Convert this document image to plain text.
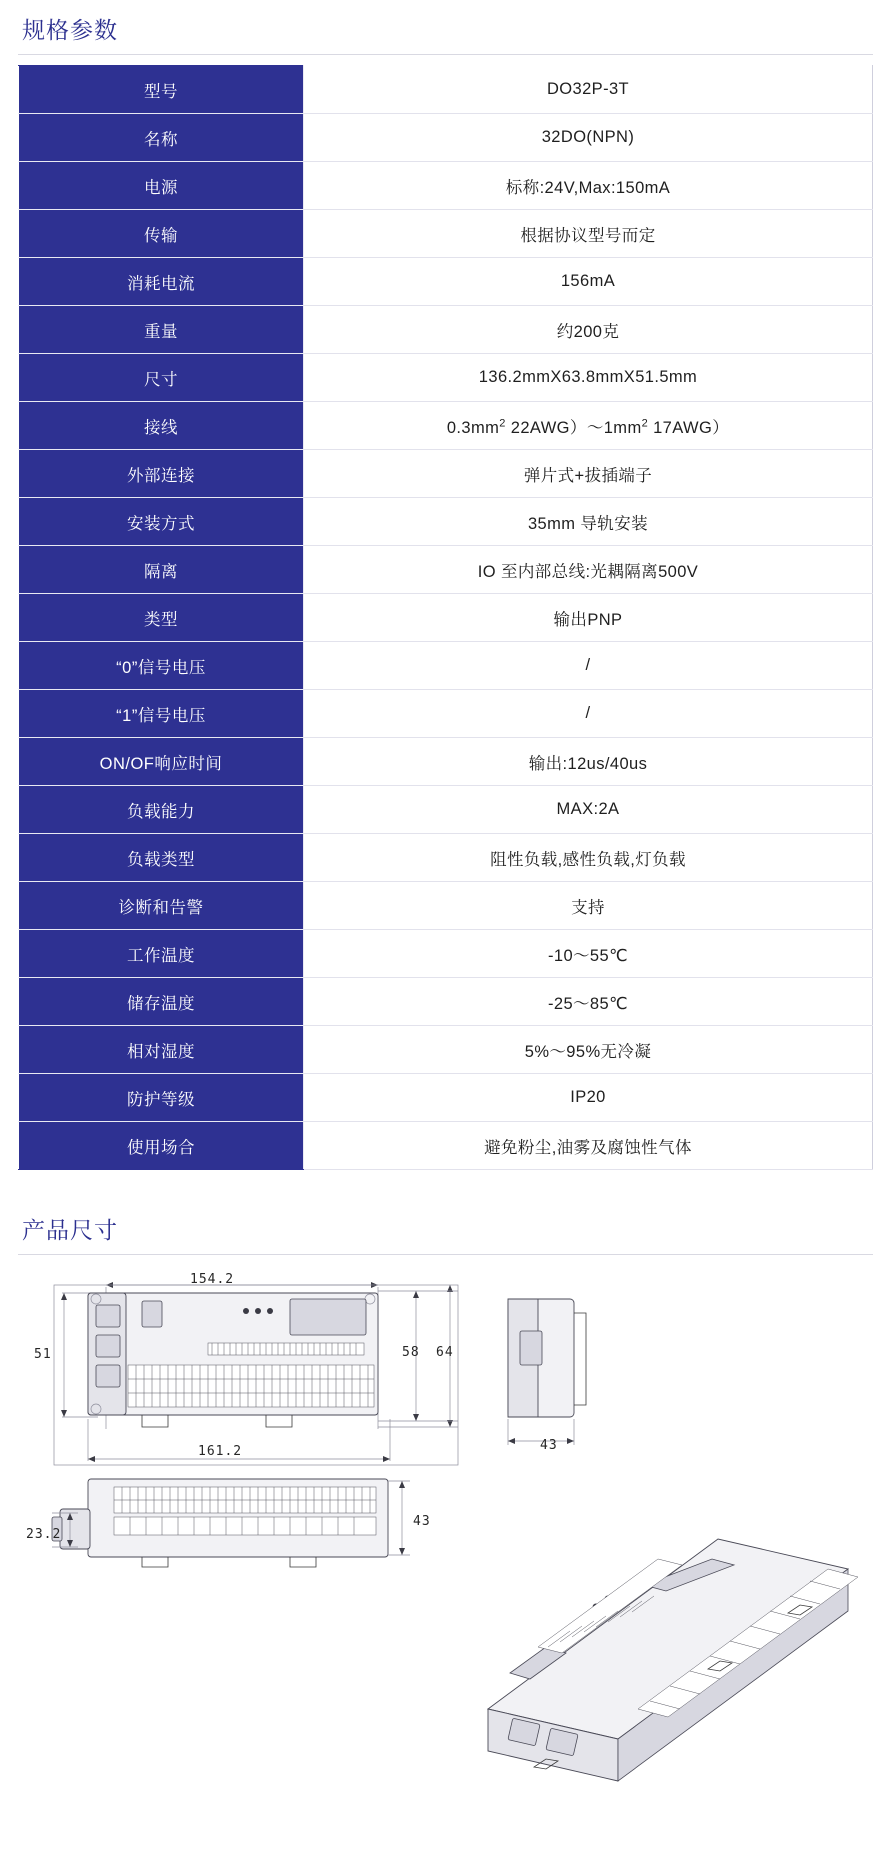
规格参数
型号	DO32P-3T
名称	32DO(NPN)
电源	标称:24V,Max:150mA
传输	根据协议型号而定
消耗电流	156mA
重量	约200克
尺寸	136.2mmX63.8mmX51.5mm
接线	$0.3mm^2$ $22AWG)\sim 1mm^2$ 17AWG）
外部连接	弹片式+拔插端子
安装方式	35mm 导轨安装
隔离	IO 至内部总线:光耦隔离500V
类型	输出PNP
“0”信号电压	/
“1”信号电压	/
ON/OF响应时间	输出:12us/40us
负载能力	MAX:2A
负载类型	阻性负载,感性负载,灯负载
诊断和告警	支持
工作温度	-10～55℃
储存温度	-25～85℃
相对湿度	5%～95%无冷凝
防护等级	IP20
使用场合	避免粉尘,油雾及腐蚀性气体
产品尺寸
154.2
51	58 64
161.2	43
43
23.2
